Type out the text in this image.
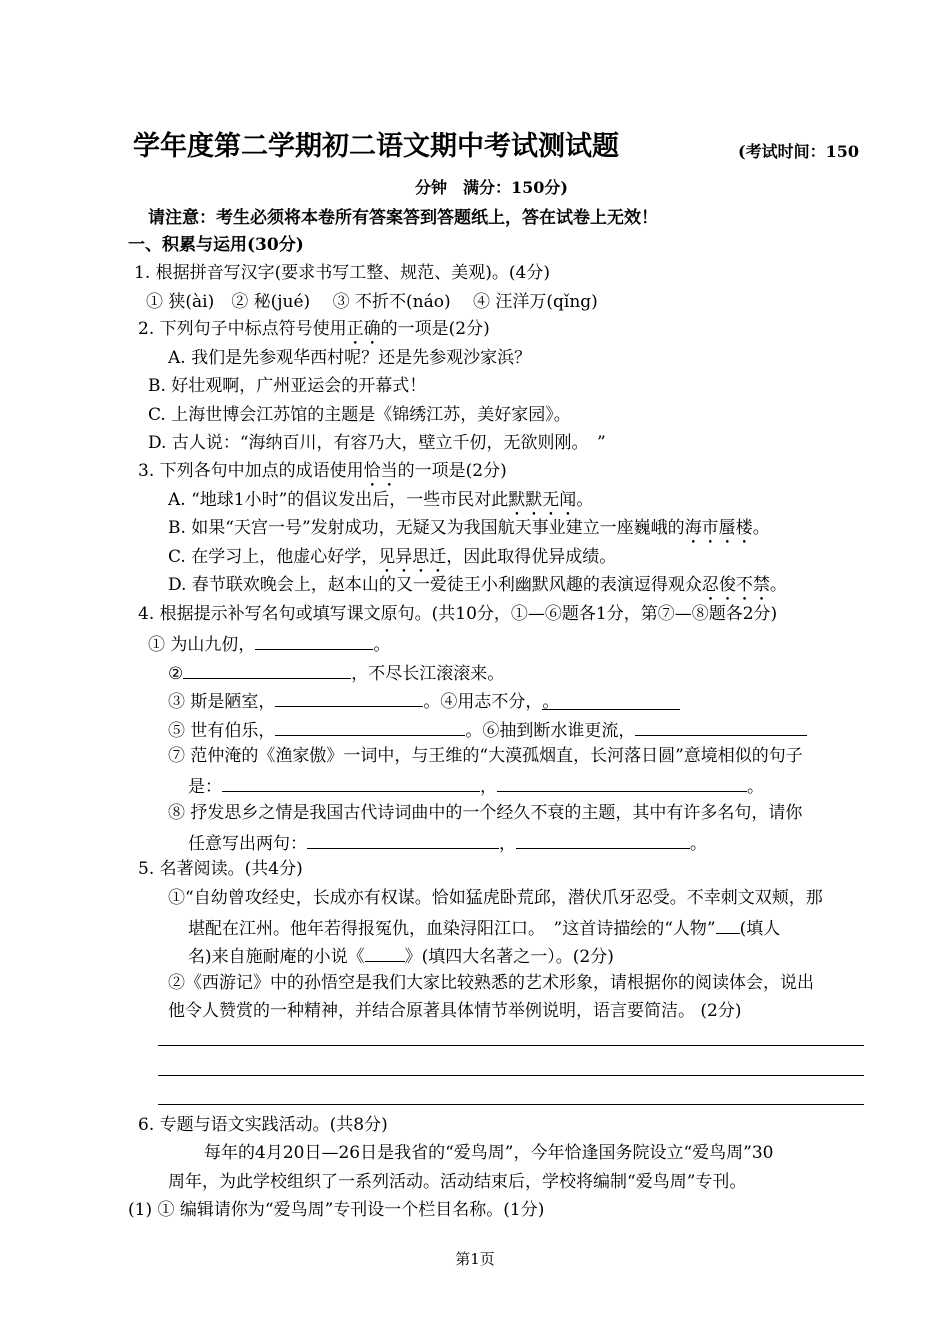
学年度第二学期初二语文期中考试测试题	(考试时间：150
分钟　满分：150分)
请注意：考生必须将本卷所有答案答到答题纸上，答在试卷上无效！
一、积累与运用(30分)
1. 根据拼音写汉字(要求书写工整、规范、美观)。(4分)
① 狭(ài)　② 秘(jué)　 ③ 不折不(náo)　 ④ 汪洋万(qǐng)
2. 下列句子中标点符号使用正确的一项是(2分)
A. 我们是先参观华西村呢？还是先参观沙家浜？
B. 好壮观啊，广州亚运会的开幕式！
C. 上海世博会江苏馆的主题是《锦绣江苏，美好家园》。
D. 古人说：“海纳百川，有容乃大，壁立千仞，无欲则刚。　”
3. 下列各句中加点的成语使用恰当的一项是(2分)
A. “地球1小时”的倡议发出后，一些市民对此默默无闻。
B. 如果“天宫一号”发射成功，无疑又为我国航天事业建立一座巍峨的海市蜃楼。
C. 在学习上，他虚心好学，见异思迁，因此取得优异成绩。
D. 春节联欢晚会上，赵本山的又一爱徒王小利幽默风趣的表演逗得观众忍俊不禁。
4. 根据提示补写名句或填写课文原句。(共10分，①—⑥题各1分，第⑦—⑧题各2分)
① 为山九仞，	。
②	，不尽长江滚滚来。
③ 斯是陋室，	。④用志不分，。
⑤ 世有伯乐，	。⑥抽到断水谁更流，
⑦ 范仲淹的《渔家傲》一词中，与王维的“大漠孤烟直，长河落日圆”意境相似的句子
是：	，	。
⑧ 抒发思乡之情是我国古代诗词曲中的一个经久不衰的主题，其中有许多名句，请你
任意写出两句：	，	。
5. 名著阅读。(共4分)
①“自幼曾攻经史，长成亦有权谋。恰如猛虎卧荒邱，潜伏爪牙忍受。不幸刺文双颊，那
堪配在江州。他年若得报冤仇，血染浔阳江口。　”这首诗描绘的“人物” (填人
名)来自施耐庵的小说《 》(填四大名著之一）。(2分)
②《西游记》中的孙悟空是我们大家比较熟悉的艺术形象，请根据你的阅读体会，说出
他令人赞赏的一种精神，并结合原著具体情节举例说明，语言要简洁。 (2分)
6. 专题与语文实践活动。(共8分)
每年的4月20日—26日是我省的“爱鸟周”，今年恰逢国务院设立“爱鸟周”30
周年，为此学校组织了一系列活动。活动结束后，学校将编制“爱鸟周”专刊。
(1) ① 编辑请你为“爱鸟周”专刊设一个栏目名称。(1分)
第1页
